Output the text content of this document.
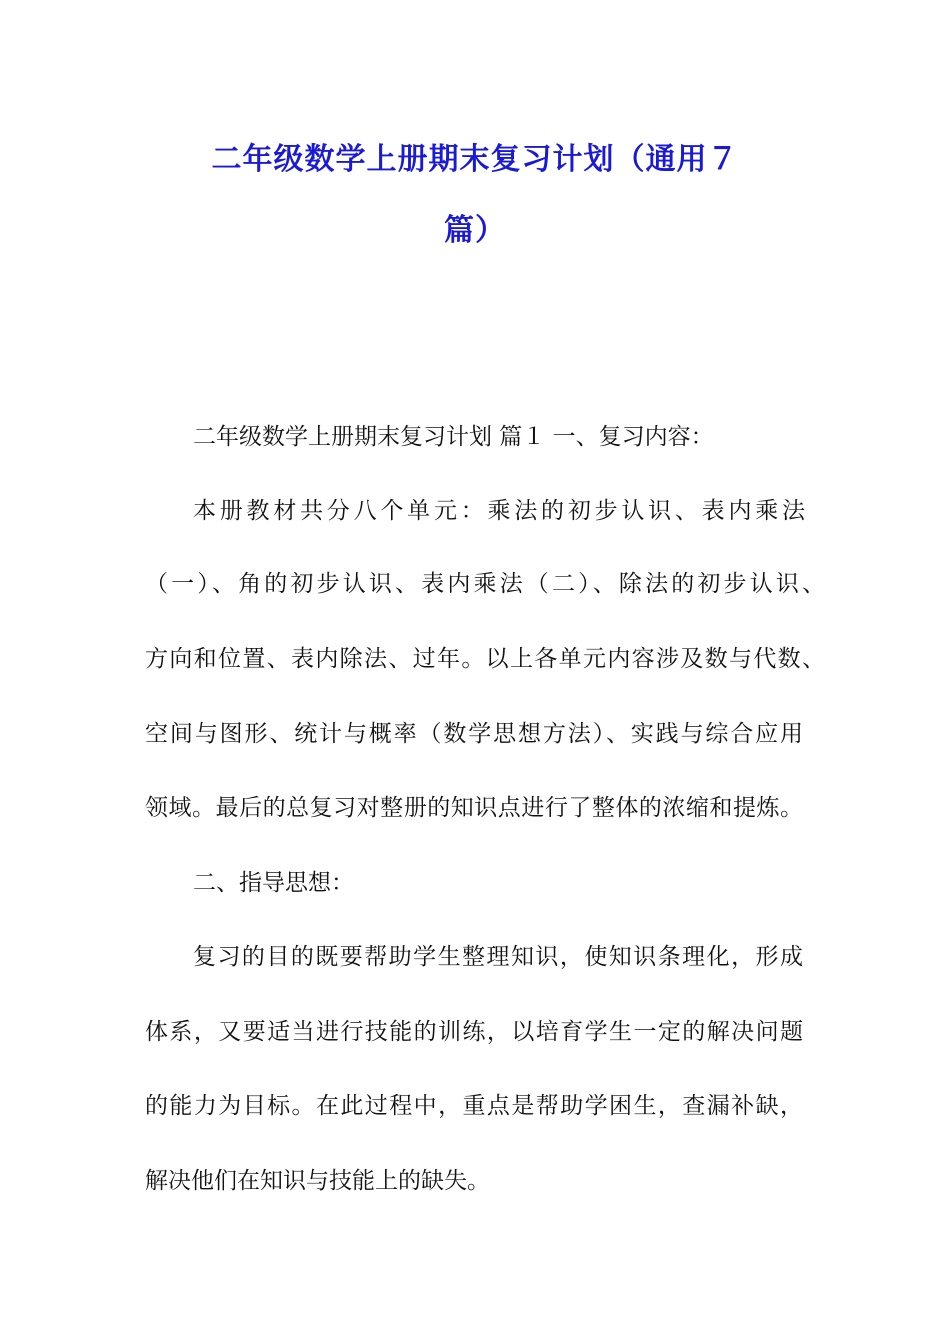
二年级数学上册期末复习计划（通用７
篇）
二年级数学上册期末复习计划 篇１ 一、复习内容：
本册教材共分八个单元：乘法的初步认识、表内乘法
（一）、角的初步认识、表内乘法（二）、除法的初步认识、
方向和位置、表内除法、过年。以上各单元内容涉及数与代数、
空间与图形、统计与概率（数学思想方法）、实践与综合应用
领域。最后的总复习对整册的知识点进行了整体的浓缩和提炼。
二、指导思想：
复习的目的既要帮助学生整理知识，使知识条理化，形成
体系，又要适当进行技能的训练，以培育学生一定的解决问题
的能力为目标。在此过程中，重点是帮助学困生，查漏补缺，
解决他们在知识与技能上的缺失。
